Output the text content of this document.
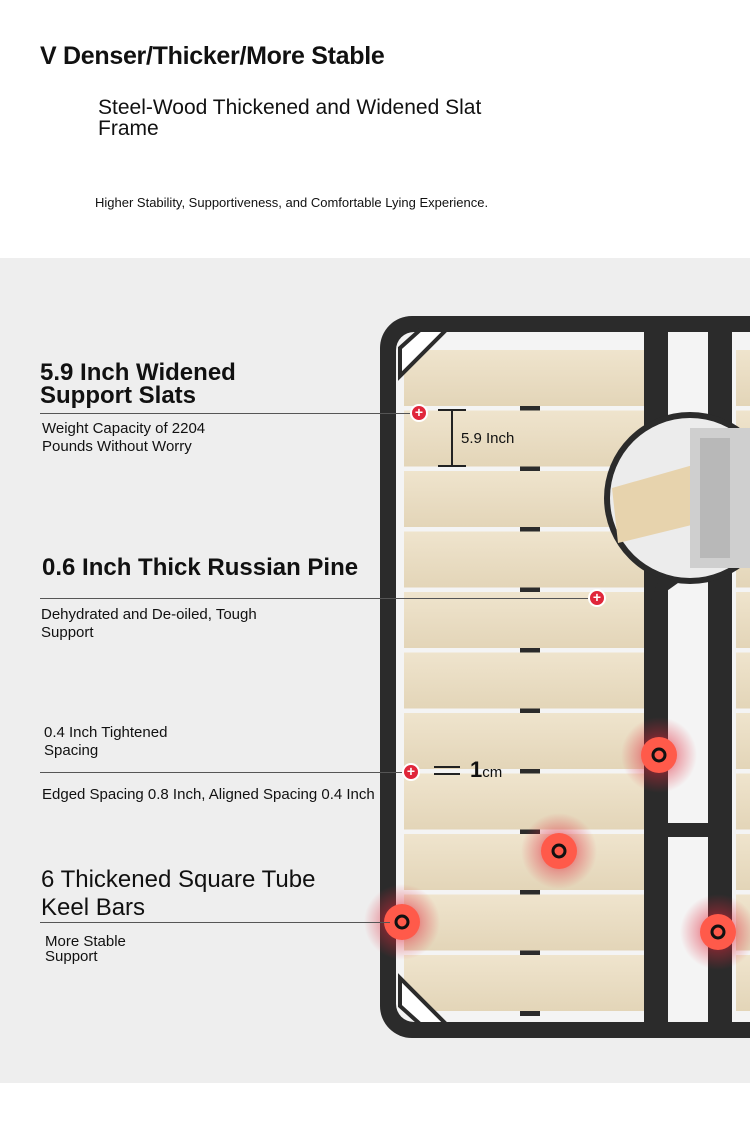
V Denser/Thicker/More Stable
Steel-Wood Thickened and Widened Slat Frame
Higher Stability, Supportiveness, and Comfortable Lying Experience.
5.9 Inch Widened
Support Slats
+
Weight Capacity of 2204
Pounds Without Worry	5.9 Inch
0.6 Inch Thick Russian Pine
+
Dehydrated and De-oiled, Tough
Support
0.4 Inch Tightened
Spacing
+ 1cm
Edged Spacing 0.8 Inch, Aligned Spacing 0.4 Inch
6 Thickened Square Tube
Keel Bars
More Stable
Support
